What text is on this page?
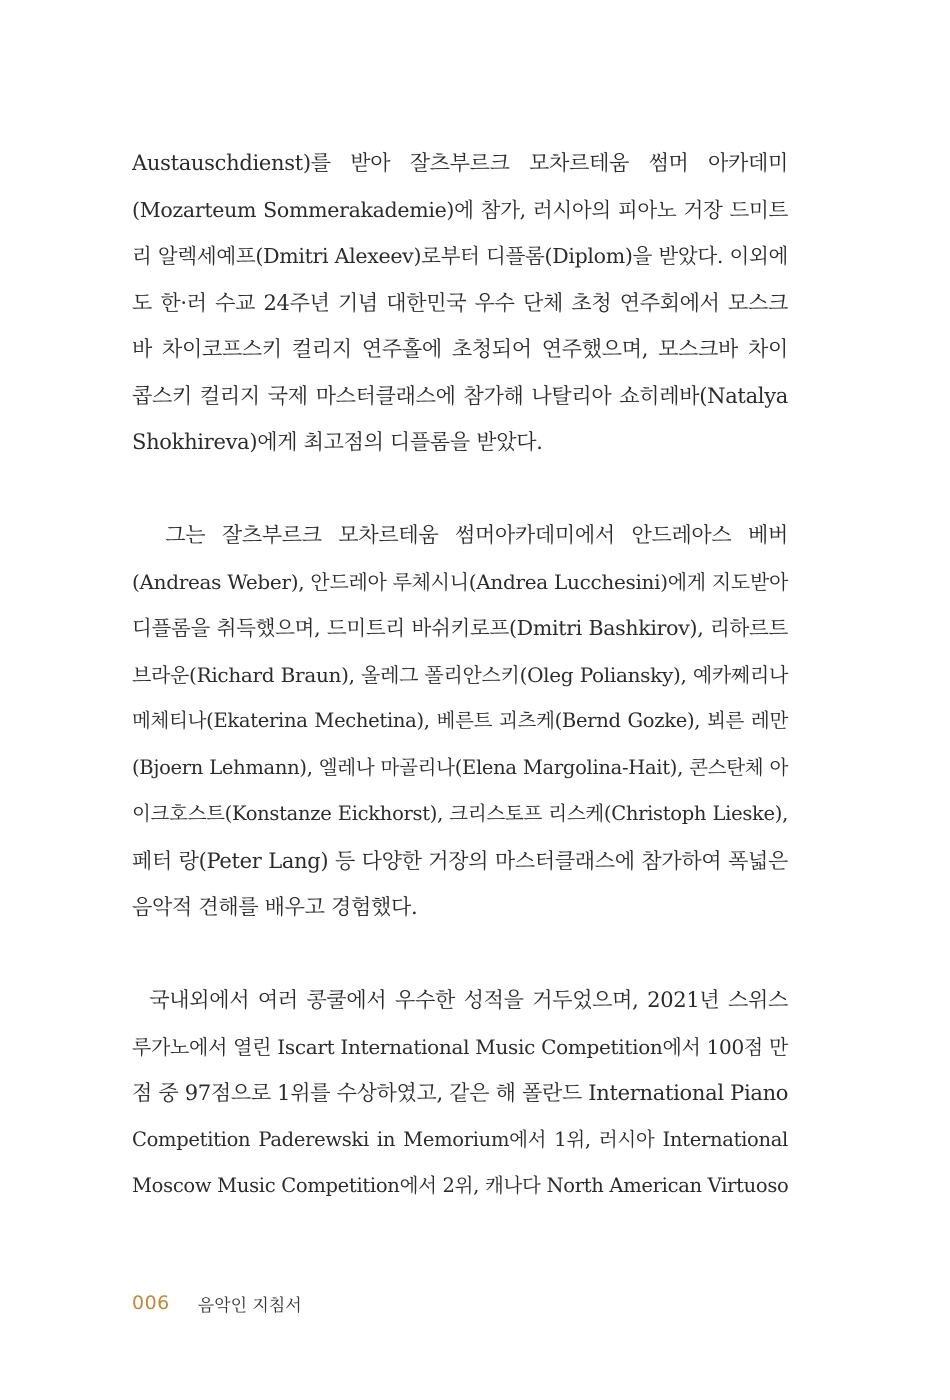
Austauschdienst)를 받아 잘츠부르크 모차르테움 썸머 아카데미
(Mozarteum Sommerakademie)에 참가, 러시아의 피아노 거장 드미트
리 알렉세예프(Dmitri Alexeev)로부터 디플롬(Diplom)을 받았다. 이외에
도 한·러 수교 24주년 기념 대한민국 우수 단체 초청 연주회에서 모스크
바 차이코프스키 컬리지 연주홀에 초청되어 연주했으며, 모스크바 차이
콥스키 컬리지 국제 마스터클래스에 참가해 나탈리아 쇼히레바(Natalya
Shokhireva)에게 최고점의 디플롬을 받았다.
그는 잘츠부르크 모차르테움 썸머아카데미에서 안드레아스 베버
(Andreas Weber), 안드레아 루체시니(Andrea Lucchesini)에게 지도받아
디플롬을 취득했으며, 드미트리 바쉬키로프(Dmitri Bashkirov), 리하르트
브라운(Richard Braun), 올레그 폴리안스키(Oleg Poliansky), 예카쩨리나
메체티나(Ekaterina Mechetina), 베른트 괴츠케(Bernd Gozke), 뵈른 레만
(Bjoern Lehmann), 엘레나 마골리나(Elena Margolina-Hait), 콘스탄체 아
이크호스트(Konstanze Eickhorst), 크리스토프 리스케(Christoph Lieske),
페터 랑(Peter Lang) 등 다양한 거장의 마스터클래스에 참가하여 폭넓은
음악적 견해를 배우고 경험했다.
국내외에서 여러 콩쿨에서 우수한 성적을 거두었으며, 2021년 스위스
루가노에서 열린 Iscart International Music Competition에서 100점 만
점 중 97점으로 1위를 수상하였고, 같은 해 폴란드 International Piano
Competition Paderewski in Memorium에서 1위, 러시아 International
Moscow Music Competition에서 2위, 캐나다 North American Virtuoso
006 음악인 지침서
